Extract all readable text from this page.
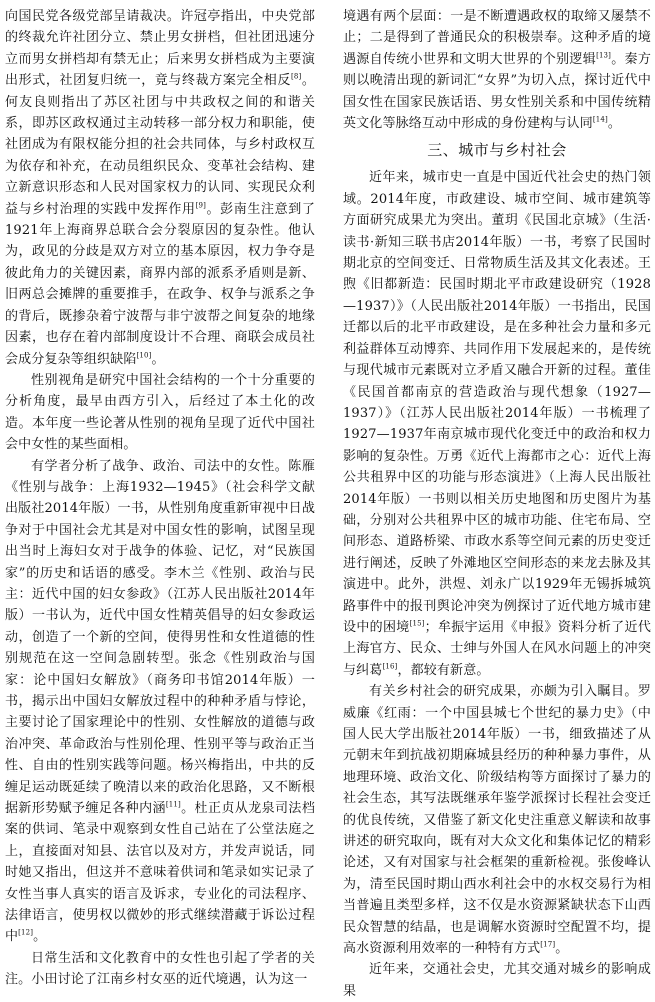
向国民党各级党部呈请裁决。许冠亭指出，中央党部的终裁允许社团分立、禁止男女拼档，但社团迅速分立而男女拼档却有禁无止；后来男女拼档成为主要演出形式，社团复归统一，竟与终裁方案完全相反[8]。何友良则指出了苏区社团与中共政权之间的和谐关系，即苏区政权通过主动转移一部分权力和职能，使社团成为有限权能分担的社会共同体，与乡村政权互为依存和补充，在动员组织民众、变革社会结构、建立新意识形态和人民对国家权力的认同、实现民众利益与乡村治理的实践中发挥作用[9]。彭南生注意到了1921年上海商界总联合会分裂原因的复杂性。他认为，政见的分歧是双方对立的基本原因，权力争夺是彼此角力的关键因素，商界内部的派系矛盾则是新、旧两总会摊牌的重要推手，在政争、权争与派系之争的背后，既掺杂着宁波帮与非宁波帮之间复杂的地缘因素，也存在着内部制度设计不合理、商联会成员社会成分复杂等组织缺陷[10]。

性别视角是研究中国社会结构的一个十分重要的分析角度，最早由西方引入，后经过了本土化的改造。本年度一些论著从性别的视角呈现了近代中国社会中女性的某些面相。

有学者分析了战争、政治、司法中的女性。陈雁《性别与战争：上海1932—1945》（社会科学文献出版社2014年版）一书，从性别角度重新审视中日战争对于中国社会尤其是对中国女性的影响，试图呈现出当时上海妇女对于战争的体验、记忆，对“民族国家”的历史和话语的感受。李木兰《性别、政治与民主：近代中国的妇女参政》（江苏人民出版社2014年版）一书认为，近代中国女性精英倡导的妇女参政运动，创造了一个新的空间，使得男性和女性道德的性别规范在这一空间急剧转型。张念《性别政治与国家：论中国妇女解放》（商务印书馆2014年版）一书，揭示出中国妇女解放过程中的种种矛盾与悖论，主要讨论了国家理论中的性别、女性解放的道德与政治冲突、革命政治与性别伦理、性别平等与政治正当性、自由的性别实践等问题。杨兴梅指出，中共的反缠足运动既延续了晚清以来的政治化思路，又不断根据新形势赋予缠足各种内涵[11]。杜正贞从龙泉司法档案的供词、笔录中观察到女性自己站在了公堂法庭之上，直接面对知县、法官以及对方，并发声说话，同时她又指出，但这并不意味着供词和笔录如实记录了女性当事人真实的语言及诉求，专业化的司法程序、法律语言，使男权以微妙的形式继续潜藏于诉讼过程中[12]。

日常生活和文化教育中的女性也引起了学者的关注。小田讨论了江南乡村女巫的近代境遇，认为这一

境遇有两个层面：一是不断遭遇政权的取缔又屡禁不止；二是得到了普通民众的积极崇奉。这种矛盾的境遇源自传统小世界和文明大世界的个别逻辑[13]。秦方则以晚清出现的新词汇“女界”为切入点，探讨近代中国女性在国家民族话语、男女性别关系和中国传统精英文化等脉络互动中形成的身份建构与认同[14]。

三、城市与乡村社会

近年来，城市史一直是中国近代社会史的热门领域。2014年度，市政建设、城市空间、城市建筑等方面研究成果尤为突出。董玥《民国北京城》（生活·读书·新知三联书店2014年版）一书，考察了民国时期北京的空间变迁、日常物质生活及其文化表述。王煦《旧都新造：民国时期北平市政建设研究（1928—1937）》（人民出版社2014年版）一书指出，民国迁都以后的北平市政建设，是在多种社会力量和多元利益群体互动博弈、共同作用下发展起来的，是传统与现代城市元素既对立矛盾又融合开新的过程。董佳《民国首都南京的营造政治与现代想象（1927—1937）》（江苏人民出版社2014年版）一书梳理了1927—1937年南京城市现代化变迁中的政治和权力影响的复杂性。万勇《近代上海都市之心：近代上海公共租界中区的功能与形态演进》（上海人民出版社2014年版）一书则以相关历史地图和历史图片为基础，分别对公共租界中区的城市功能、住宅布局、空间形态、道路桥梁、市政水系等空间元素的历史变迁进行阐述，反映了外滩地区空间形态的来龙去脉及其演进中。此外，洪煜、刘永广以1929年无锡拆城筑路事件中的报刊舆论冲突为例探讨了近代地方城市建设中的困境[15]；牟振宇运用《申报》资料分析了近代上海官方、民众、士绅与外国人在风水问题上的冲突与纠葛[16]，都较有新意。

有关乡村社会的研究成果，亦颇为引入瞩目。罗威廉《红雨：一个中国县城七个世纪的暴力史》（中国人民大学出版社2014年版）一书，细致描述了从元朝末年到抗战初期麻城县经历的种种暴力事件，从地理环境、政治文化、阶级结构等方面探讨了暴力的社会生态，其写法既继承年鉴学派探讨长程社会变迁的优良传统，又借鉴了新文化史注重意义解读和故事讲述的研究取向，既有对大众文化和集体记忆的精彩论述，又有对国家与社会框架的重新检视。张俊峰认为，清至民国时期山西水利社会中的水权交易行为相当普遍且类型多样，这不仅是水资源紧缺状态下山西民众智慧的结晶，也是调解水资源时空配置不均，提高水资源利用效率的一种特有方式[17]。

近年来，交通社会史，尤其交通对城乡的影响成果
